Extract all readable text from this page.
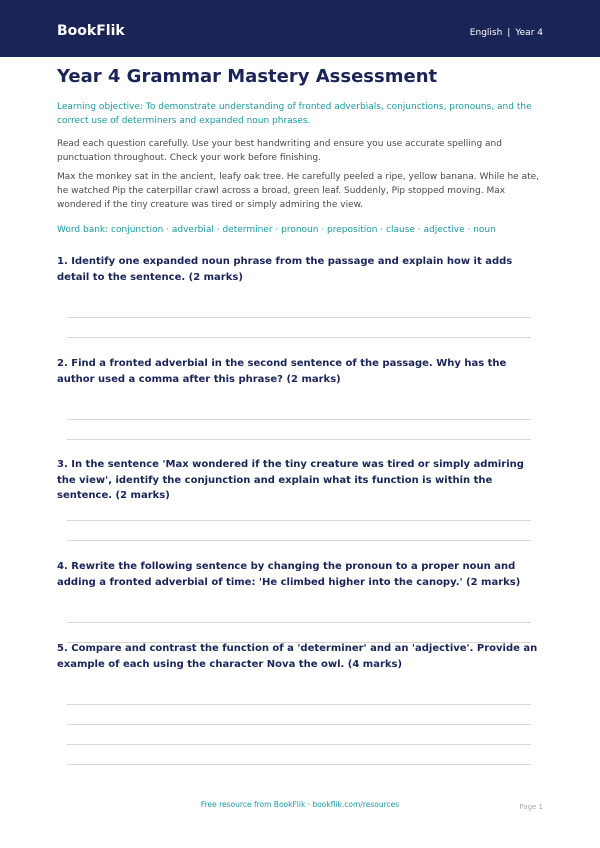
BookFlik	English | Year 4
Year 4 Grammar Mastery Assessment

Learning objective: To demonstrate understanding of fronted adverbials, conjunctions, pronouns, and the correct use of determiners and expanded noun phrases.

Read each question carefully. Use your best handwriting and ensure you use accurate spelling and punctuation throughout. Check your work before finishing.

Max the monkey sat in the ancient, leafy oak tree. He carefully peeled a ripe, yellow banana. While he ate, he watched Pip the caterpillar crawl across a broad, green leaf. Suddenly, Pip stopped moving. Max wondered if the tiny creature was tired or simply admiring the view.

Word bank: conjunction · adverbial · determiner · pronoun · preposition · clause · adjective · noun

1. Identify one expanded noun phrase from the passage and explain how it adds detail to the sentence. (2 marks)

2. Find a fronted adverbial in the second sentence of the passage. Why has the author used a comma after this phrase? (2 marks)

3. In the sentence 'Max wondered if the tiny creature was tired or simply admiring the view', identify the conjunction and explain what its function is within the sentence. (2 marks)

4. Rewrite the following sentence by changing the pronoun to a proper noun and adding a fronted adverbial of time: 'He climbed higher into the canopy.' (2 marks)

5. Compare and contrast the function of a 'determiner' and an 'adjective'. Provide an example of each using the character Nova the owl. (4 marks)

Free resource from BookFlik · bookflik.com/resources	Page 1
